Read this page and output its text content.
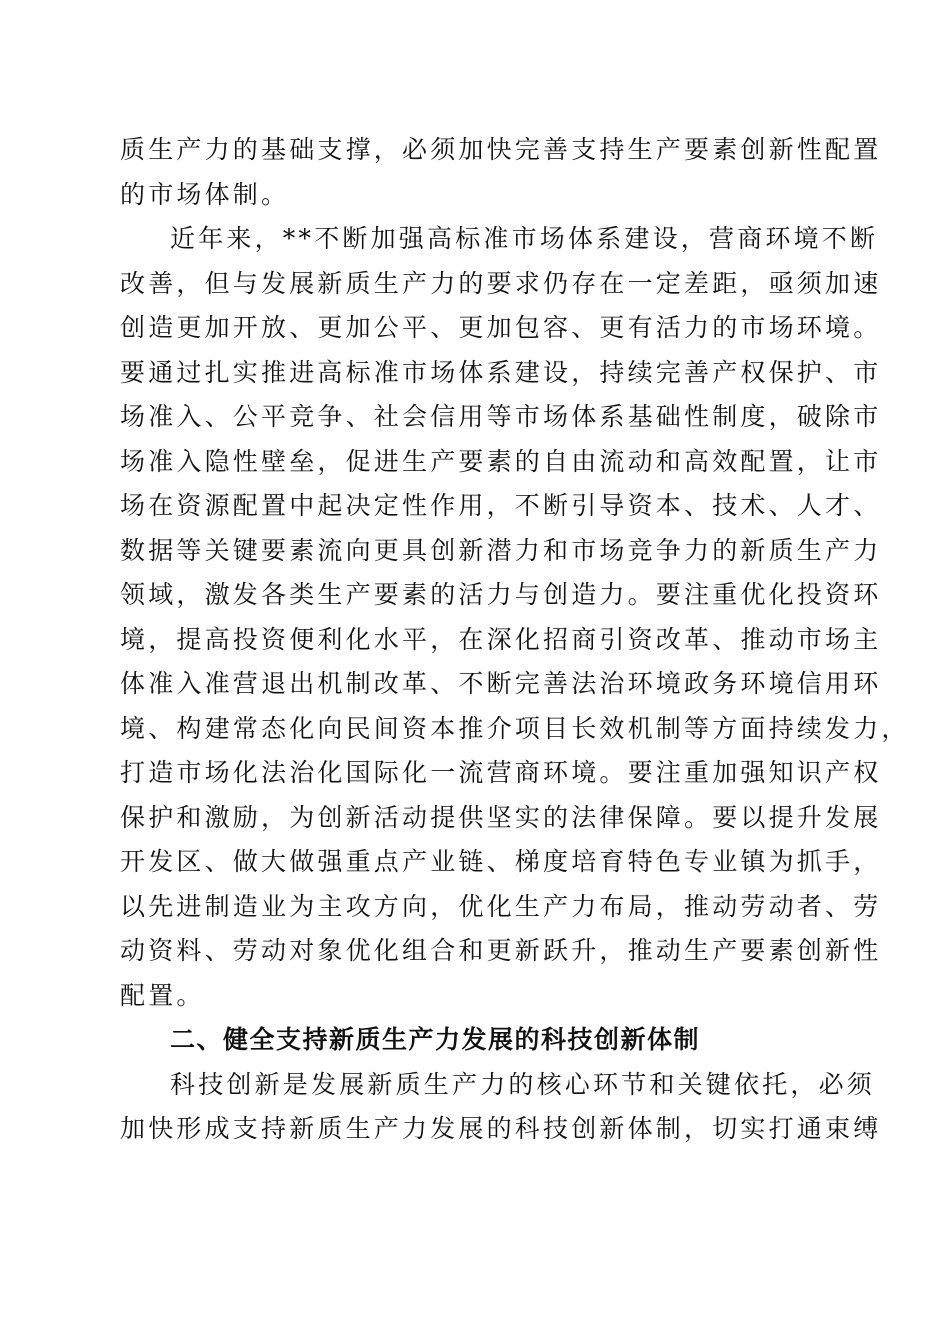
质生产力的基础支撑，必须加快完善支持生产要素创新性配置
的市场体制。
近年来，**不断加强高标准市场体系建设，营商环境不断
改善，但与发展新质生产力的要求仍存在一定差距，亟须加速
创造更加开放、更加公平、更加包容、更有活力的市场环境。
要通过扎实推进高标准市场体系建设，持续完善产权保护、市
场准入、公平竞争、社会信用等市场体系基础性制度，破除市
场准入隐性壁垒，促进生产要素的自由流动和高效配置，让市
场在资源配置中起决定性作用，不断引导资本、技术、人才、
数据等关键要素流向更具创新潜力和市场竞争力的新质生产力
领域，激发各类生产要素的活力与创造力。要注重优化投资环
境，提高投资便利化水平，在深化招商引资改革、推动市场主
体准入准营退出机制改革、不断完善法治环境政务环境信用环
境、构建常态化向民间资本推介项目长效机制等方面持续发力，
打造市场化法治化国际化一流营商环境。要注重加强知识产权
保护和激励，为创新活动提供坚实的法律保障。要以提升发展
开发区、做大做强重点产业链、梯度培育特色专业镇为抓手，
以先进制造业为主攻方向，优化生产力布局，推动劳动者、劳
动资料、劳动对象优化组合和更新跃升，推动生产要素创新性
配置。
二、健全支持新质生产力发展的科技创新体制
科技创新是发展新质生产力的核心环节和关键依托，必须
加快形成支持新质生产力发展的科技创新体制，切实打通束缚
